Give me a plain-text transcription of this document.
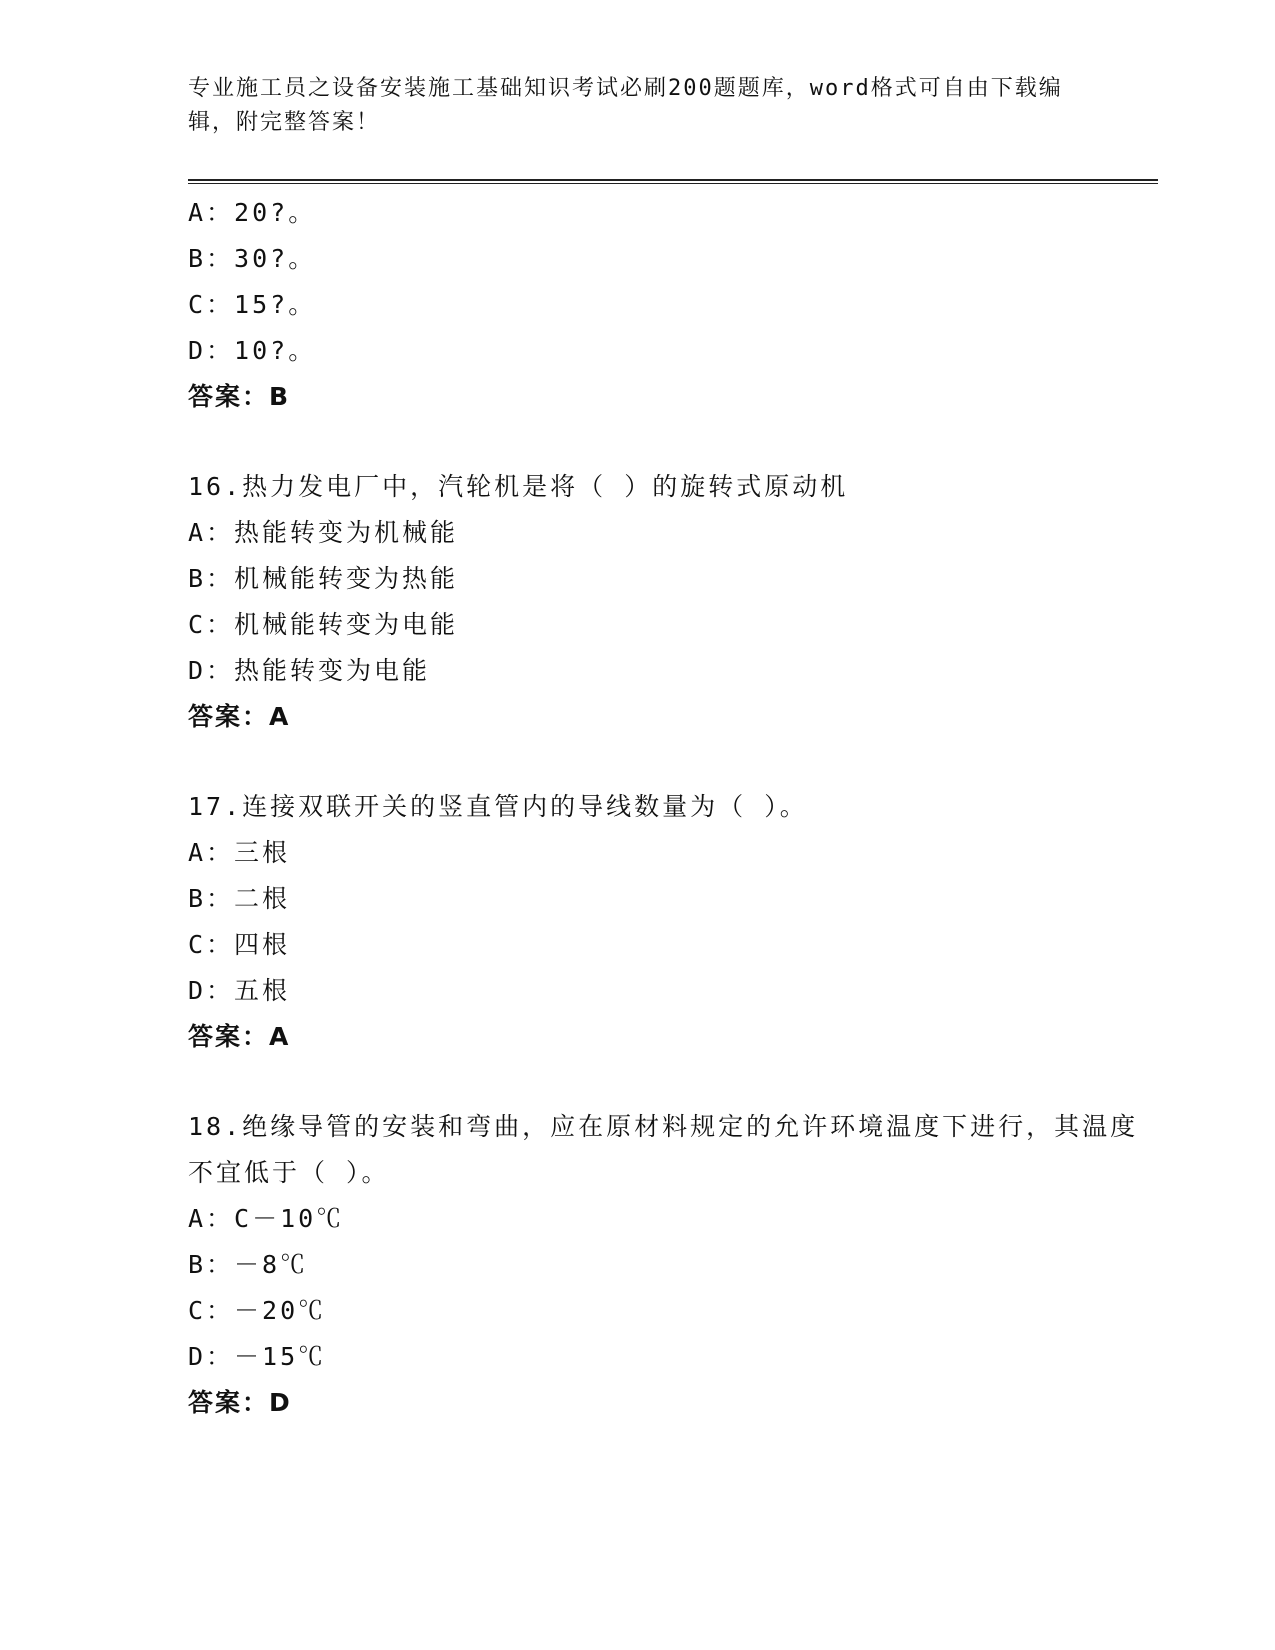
专业施工员之设备安装施工基础知识考试必刷200题题库，word格式可自由下载编辑，附完整答案！
A：20?。
B：30?。
C：15?。
D：10?。
答案：B
16.热力发电厂中，汽轮机是将（ ）的旋转式原动机
A：热能转变为机械能
B：机械能转变为热能
C：机械能转变为电能
D：热能转变为电能
答案：A
17.连接双联开关的竖直管内的导线数量为（ ）。
A：三根
B：二根
C：四根
D：五根
答案：A
18.绝缘导管的安装和弯曲，应在原材料规定的允许环境温度下进行，其温度不宜低于（ ）。
A：C－10℃
B：－8℃
C：－20℃
D：－15℃
答案：D
